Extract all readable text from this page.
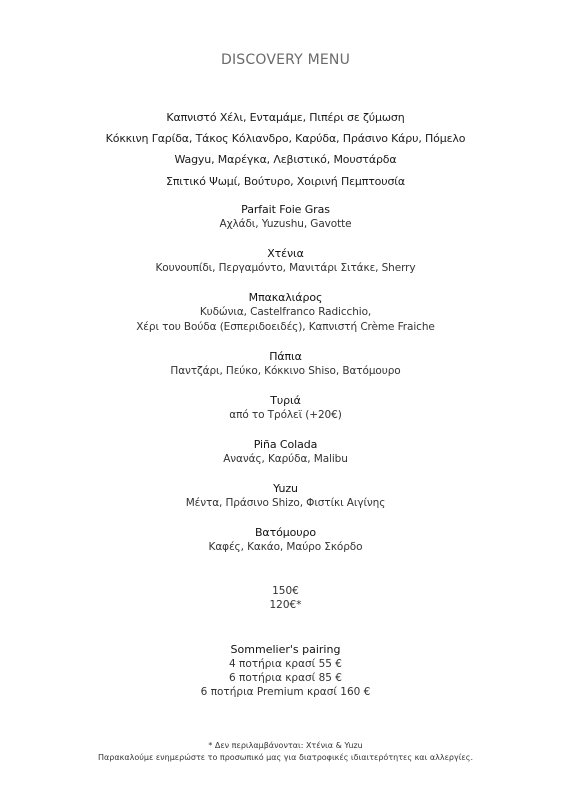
DISCOVERY MENU
Καπνιστό Χέλι, Ενταμάμε, Πιπέρι σε ζύμωση
Κόκκινη Γαρίδα, Τάκος Κόλιανδρο, Καρύδα, Πράσινο Κάρυ, Πόμελο
Wagyu, Μαρέγκα, Λεβιστικό, Μουστάρδα
Σπιτικό Ψωμί, Βούτυρο, Χοιρινή Πεμπτουσία
Parfait Foie Gras
Αχλάδι, Yuzushu, Gavotte
Χτένια
Κουνουπίδι, Περγαμόντο, Μανιτάρι Σιτάκε, Sherry
Μπακαλιάρος
Κυδώνια, Castelfranco Radicchio,
Χέρι του Βούδα (Εσπεριδοειδές), Καπνιστή Crème Fraiche
Πάπια
Παντζάρι, Πεύκο, Κόκκινο Shiso, Βατόμουρο
Τυριά
από το Τρόλεϊ (+20€)
Piña Colada
Ανανάς, Καρύδα, Malibu
Yuzu
Μέντα, Πράσινο Shizo, Φιστίκι Αιγίνης
Βατόμουρο
Καφές, Κακάο, Μαύρο Σκόρδο
150€
120€*
Sommelier's pairing
4 ποτήρια κρασί 55 €
6 ποτήρια κρασί 85 €
6 ποτήρια Premium κρασί 160 €
* Δεν περιλαμβάνονται: Χτένια & Yuzu
Παρακαλούμε ενημερώστε το προσωπικό μας για διατροφικές ιδιαιτερότητες και αλλεργίες.
